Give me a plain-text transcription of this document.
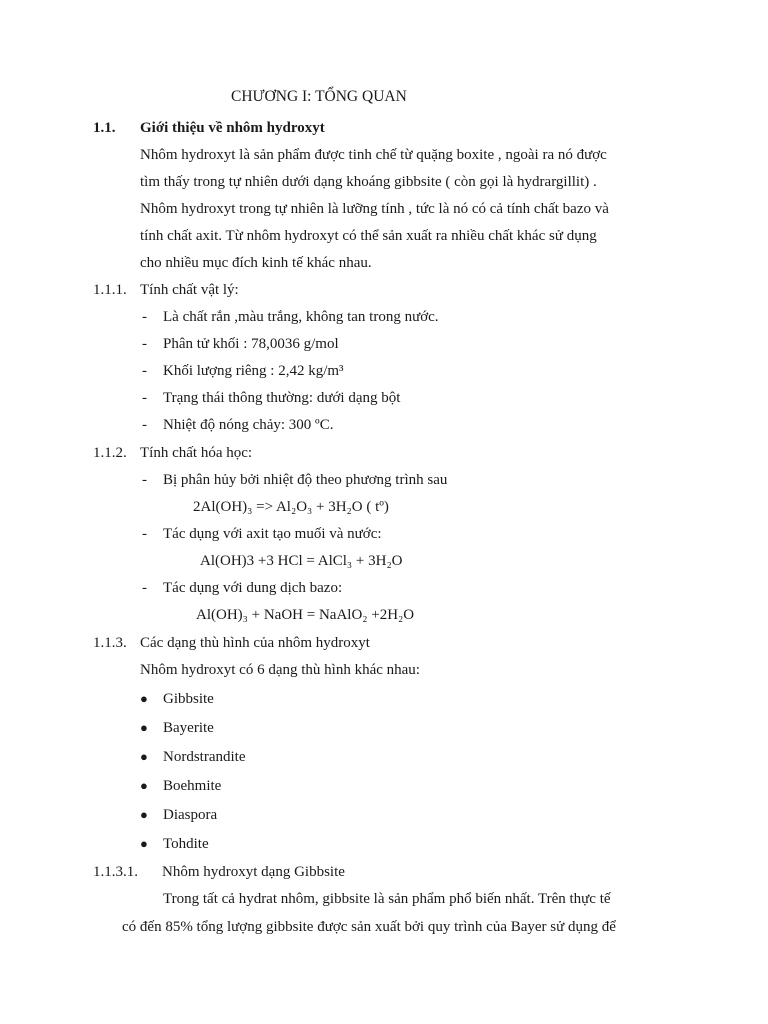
CHƯƠNG I: TỔNG QUAN
1.1. Giới thiệu về nhôm hydroxyt
Nhôm hydroxyt là sản phẩm được tinh chế từ quặng boxite , ngoài ra nó được
tìm thấy trong tự nhiên dưới dạng khoáng gibbsite ( còn gọi là hydrargillit) .
Nhôm hydroxyt trong tự nhiên là lưỡng tính , tức là nó có cả tính chất bazo và
tính chất axit. Từ nhôm hydroxyt có thể sản xuất ra nhiều chất khác sử dụng
cho nhiều mục đích kinh tế khác nhau.
1.1.1. Tính chất vật lý:
- Là chất rắn ,màu trắng, không tan trong nước.
- Phân tử khối : 78,0036 g/mol
- Khối lượng riêng : 2,42 kg/m³
- Trạng thái thông thường: dưới dạng bột
- Nhiệt độ nóng chảy: 300 ºC.
1.1.2. Tính chất hóa học:
- Bị phân hủy bởi nhiệt độ theo phương trình sau
2Al(OH)₃ => Al₂O₃ + 3H₂O ( tº)
- Tác dụng với axit tạo muối và nước:
Al(OH)3 +3 HCl = AlCl₃ + 3H₂O
- Tác dụng với dung dịch bazo:
Al(OH)₃ + NaOH = NaAlO₂ +2H₂O
1.1.3. Các dạng thù hình của nhôm hydroxyt
Nhôm hydroxyt có 6 dạng thù hình khác nhau:
● Gibbsite
● Bayerite
● Nordstrandite
● Boehmite
● Diaspora
● Tohdite
1.1.3.1. Nhôm hydroxyt dạng Gibbsite
Trong tất cả hydrat nhôm, gibbsite là sản phẩm phổ biến nhất. Trên thực tế
có đến 85% tổng lượng gibbsite được sản xuất bởi quy trình của Bayer sử dụng để
